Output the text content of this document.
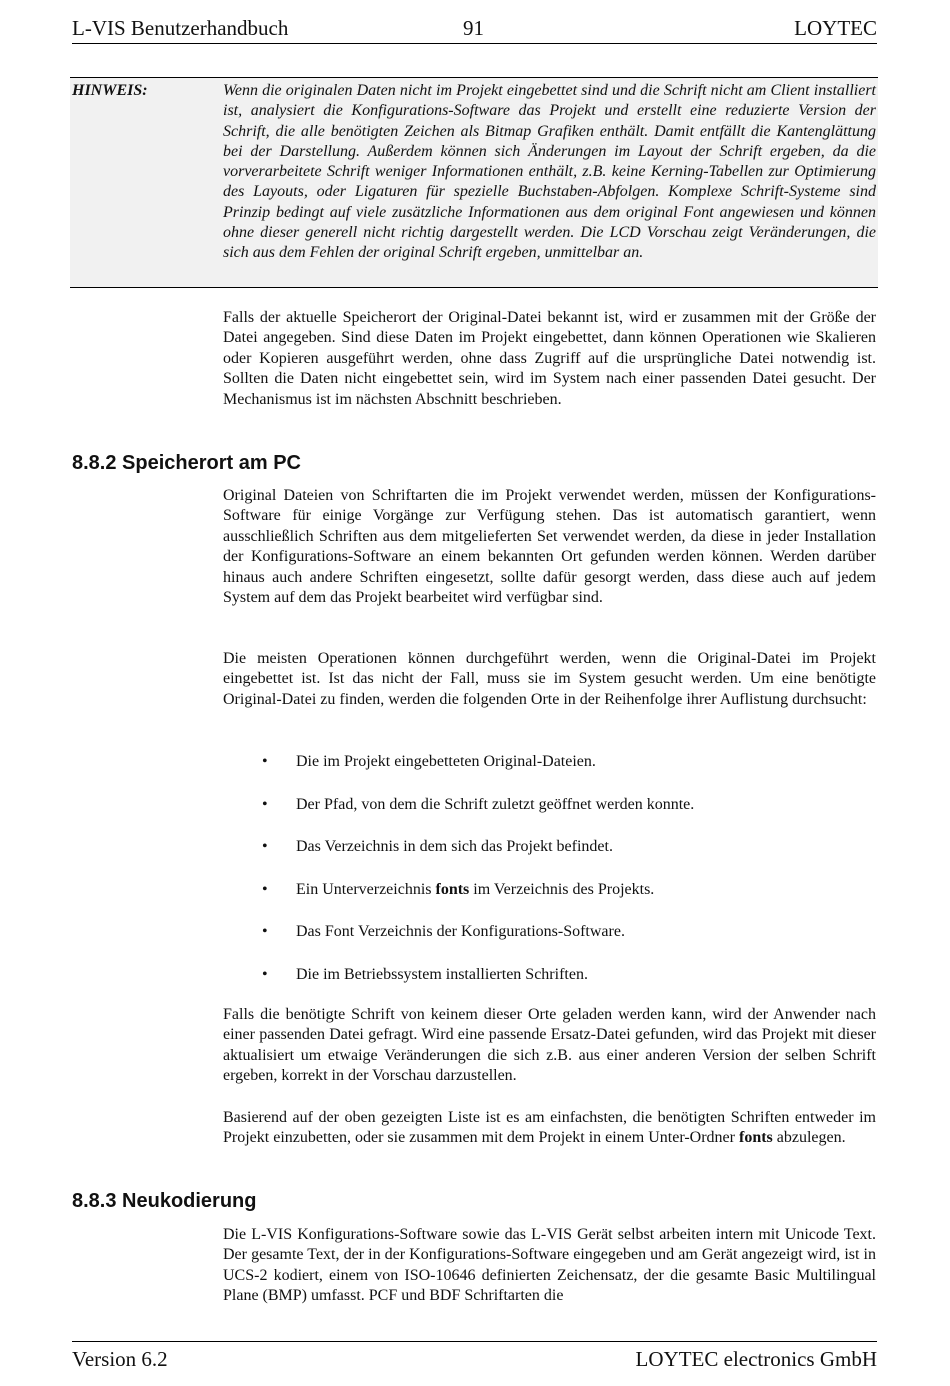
L-VIS Benutzerhandbuch	91	LOYTEC
HINWEIS:	Wenn die originalen Daten nicht im Projekt eingebettet sind und die Schrift nicht am Client installiert ist, analysiert die Konfigurations-Software das Projekt und erstellt eine reduzierte Version der Schrift, die alle benötigten Zeichen als Bitmap Grafiken enthält. Damit entfällt die Kantenglättung bei der Darstellung. Außerdem können sich Änderungen im Layout der Schrift ergeben, da die vorverarbeitete Schrift weniger Informationen enthält, z.B. keine Kerning-Tabellen zur Optimierung des Layouts, oder Ligaturen für spezielle Buchstaben-Abfolgen. Komplexe Schrift-Systeme sind Prinzip bedingt auf viele zusätzliche Informationen aus dem original Font angewiesen und können ohne dieser generell nicht richtig dargestellt werden. Die LCD Vorschau zeigt Veränderungen, die sich aus dem Fehlen der original Schrift ergeben, unmittelbar an.

Falls der aktuelle Speicherort der Original-Datei bekannt ist, wird er zusammen mit der Größe der Datei angegeben. Sind diese Daten im Projekt eingebettet, dann können Operationen wie Skalieren oder Kopieren ausgeführt werden, ohne dass Zugriff auf die ursprüngliche Datei notwendig ist. Sollten die Daten nicht eingebettet sein, wird im System nach einer passenden Datei gesucht. Der Mechanismus ist im nächsten Abschnitt beschrieben.

8.8.2 Speicherort am PC

Original Dateien von Schriftarten die im Projekt verwendet werden, müssen der Konfigurations-Software für einige Vorgänge zur Verfügung stehen. Das ist automatisch garantiert, wenn ausschließlich Schriften aus dem mitgelieferten Set verwendet werden, da diese in jeder Installation der Konfigurations-Software an einem bekannten Ort gefunden werden können. Werden darüber hinaus auch andere Schriften eingesetzt, sollte dafür gesorgt werden, dass diese auch auf jedem System auf dem das Projekt bearbeitet wird verfügbar sind.

Die meisten Operationen können durchgeführt werden, wenn die Original-Datei im Projekt eingebettet ist. Ist das nicht der Fall, muss sie im System gesucht werden. Um eine benötigte Original-Datei zu finden, werden die folgenden Orte in der Reihenfolge ihrer Auflistung durchsucht:

• Die im Projekt eingebetteten Original-Dateien.
• Der Pfad, von dem die Schrift zuletzt geöffnet werden konnte.
• Das Verzeichnis in dem sich das Projekt befindet.
• Ein Unterverzeichnis fonts im Verzeichnis des Projekts.
• Das Font Verzeichnis der Konfigurations-Software.
• Die im Betriebssystem installierten Schriften.

Falls die benötigte Schrift von keinem dieser Orte geladen werden kann, wird der Anwender nach einer passenden Datei gefragt. Wird eine passende Ersatz-Datei gefunden, wird das Projekt mit dieser aktualisiert um etwaige Veränderungen die sich z.B. aus einer anderen Version der selben Schrift ergeben, korrekt in der Vorschau darzustellen.

Basierend auf der oben gezeigten Liste ist es am einfachsten, die benötigten Schriften entweder im Projekt einzubetten, oder sie zusammen mit dem Projekt in einem Unter-Ordner fonts abzulegen.

8.8.3 Neukodierung

Die L-VIS Konfigurations-Software sowie das L-VIS Gerät selbst arbeiten intern mit Unicode Text. Der gesamte Text, der in der Konfigurations-Software eingegeben und am Gerät angezeigt wird, ist in UCS-2 kodiert, einem von ISO-10646 definierten Zeichensatz, der die gesamte Basic Multilingual Plane (BMP) umfasst. PCF und BDF Schriftarten die

Version 6.2	LOYTEC electronics GmbH
